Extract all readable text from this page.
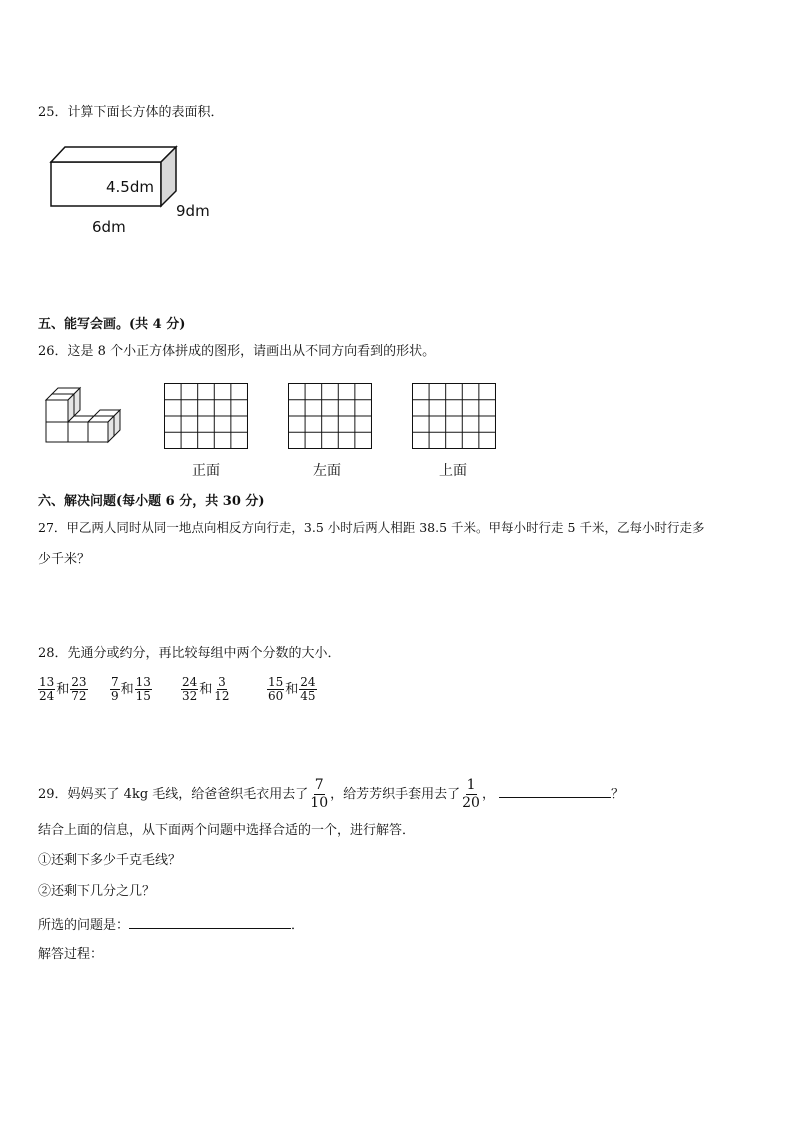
25．计算下面长方体的表面积．
4.5dm
9dm
6dm
五、能写会画。(共 4 分)
26．这是 8 个小正方体拼成的图形，请画出从不同方向看到的形状。
正面	左面	上面
六、解决问题(每小题 6 分，共 30 分)
27．甲乙两人同时从同一地点向相反方向行走，3.5 小时后两人相距 38.5 千米。甲每小时行走 5 千米，乙每小时行走多
少千米？
28．先通分或约分，再比较每组中两个分数的大小．
$\frac{13}{24}$ 和 $\frac{23}{72} \frac{7}{9}$ 和 $\frac{13}{15} \frac{24}{32}$ 和 $\frac{3}{12}$	$\frac{15}{60}$ 和 $\frac{24}{45}$
29．妈妈买了 4kg 毛线，给爸爸织毛衣用去了 $\frac{7}{10}$ ，给芳芳织手套用去了 $\frac{1}{20}$ ，	？
结合上面的信息，从下面两个问题中选择合适的一个，进行解答．
①还剩下多少千克毛线？
②还剩下几分之几？
所选的问题是：	．
解答过程：
